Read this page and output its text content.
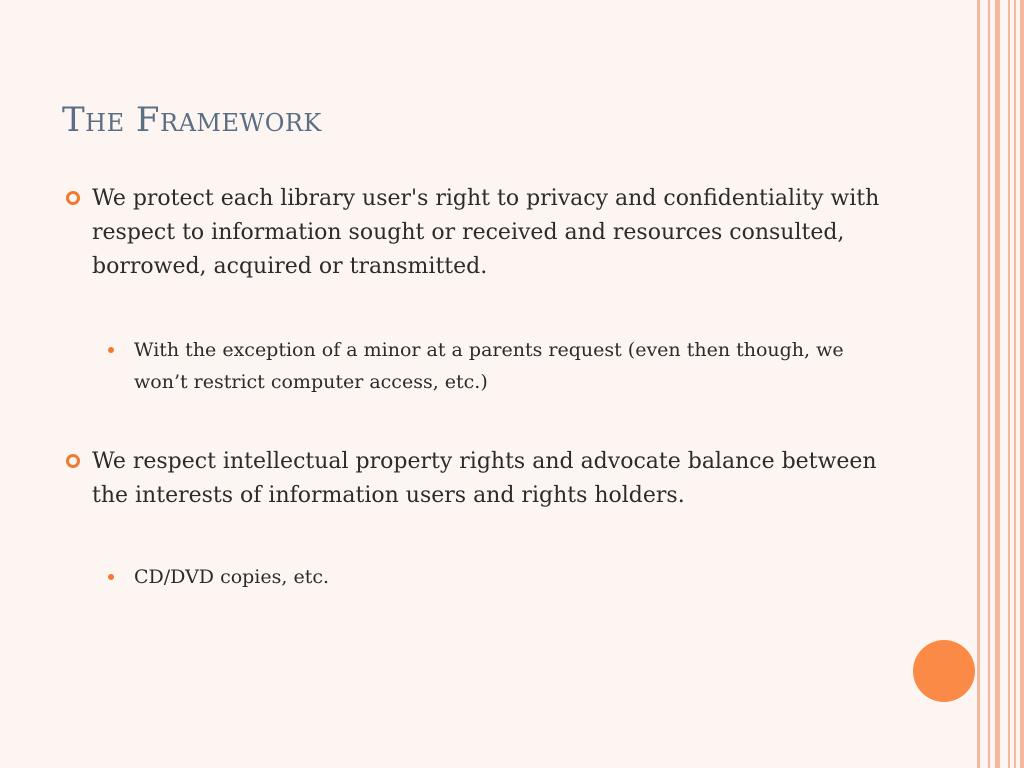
The Framework
We protect each library user's right to privacy and confidentiality with respect to information sought or received and resources consulted, borrowed, acquired or transmitted.
With the exception of a minor at a parents request (even then though, we won’t restrict computer access, etc.)
We respect intellectual property rights and advocate balance between the interests of information users and rights holders.
CD/DVD copies, etc.
